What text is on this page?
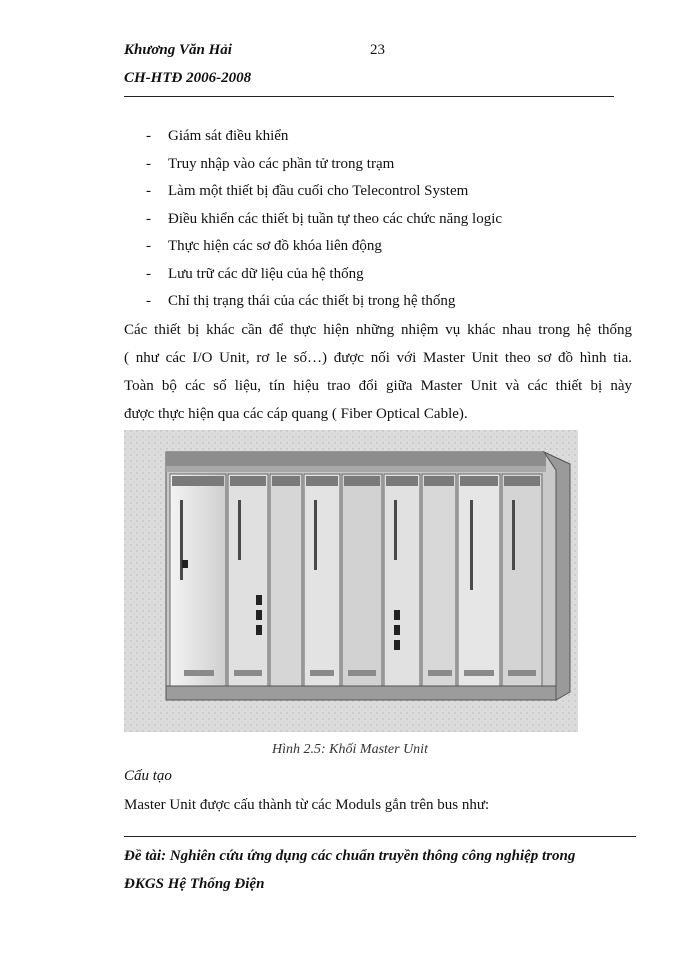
Khương Văn Hải	23
CH-HTĐ 2006-2008
- Giám sát điều khiển
- Truy nhập vào các phần tử trong trạm
- Làm một thiết bị đầu cuối cho Telecontrol System
- Điều khiển các thiết bị tuần tự theo các chức năng logic
- Thực hiện các sơ đồ khóa liên động
- Lưu trữ các dữ liệu của hệ thống
- Chỉ thị trạng thái của các thiết bị trong hệ thống
Các thiết bị khác cần để thực hiện những nhiệm vụ khác nhau trong hệ thống
( như các I/O Unit, rơ le số…) được nối với Master Unit theo sơ đồ hình tia.
Toàn bộ các số liệu, tín hiệu trao đổi giữa Master Unit và các thiết bị này
được thực hiện qua các cáp quang ( Fiber Optical Cable).
Hình 2.5: Khối Master Unit
Cấu tạo
Master Unit được cấu thành từ các Moduls gắn trên bus như:
Đề tài: Nghiên cứu ứng dụng các chuẩn truyền thông công nghiệp trong
ĐKGS Hệ Thống Điện
